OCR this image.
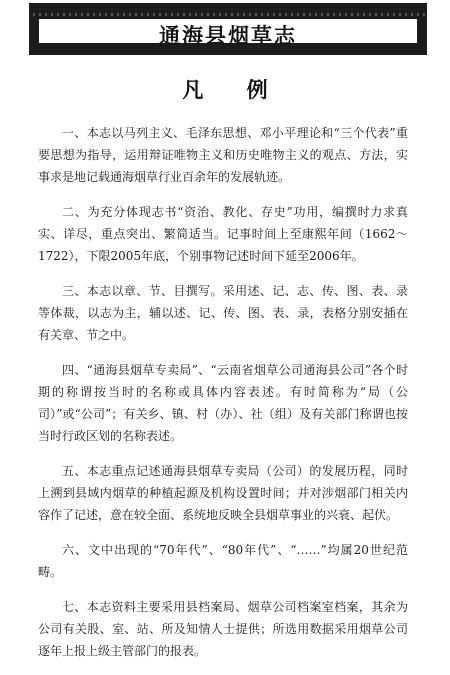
通海县烟草志
凡 例

一、本志以马列主义、毛泽东思想、邓小平理论和“三个代表”重要思想为指导，运用辩证唯物主义和历史唯物主义的观点、方法，实事求是地记载通海烟草行业百余年的发展轨迹。

二、为充分体现志书“资治、教化、存史”功用，编撰时力求真实、详尽，重点突出、繁简适当。记事时间上至康熙年间（1662～1722），下限2005年底，个别事物记述时间下延至2006年。

三、本志以章、节、目撰写。采用述、记、志、传、图、表、录等体裁，以志为主，辅以述、记、传、图、表、录，表格分别安插在有关章、节之中。

四、“通海县烟草专卖局”、“云南省烟草公司通海县公司”各个时期的称谓按当时的名称或具体内容表述。有时简称为“局（公司）”或“公司”；有关乡、镇、村（办）、社（组）及有关部门称谓也按当时行政区划的名称表述。

五、本志重点记述通海县烟草专卖局（公司）的发展历程，同时上溯到县域内烟草的种植起源及机构设置时间；并对涉烟部门相关内容作了记述，意在较全面、系统地反映全县烟草事业的兴衰、起伏。

六、文中出现的“70年代”、“80年代”、“……”均属20世纪范畴。

七、本志资料主要采用县档案局、烟草公司档案室档案，其余为公司有关股、室、站、所及知情人士提供；所选用数据采用烟草公司逐年上报上级主管部门的报表。
